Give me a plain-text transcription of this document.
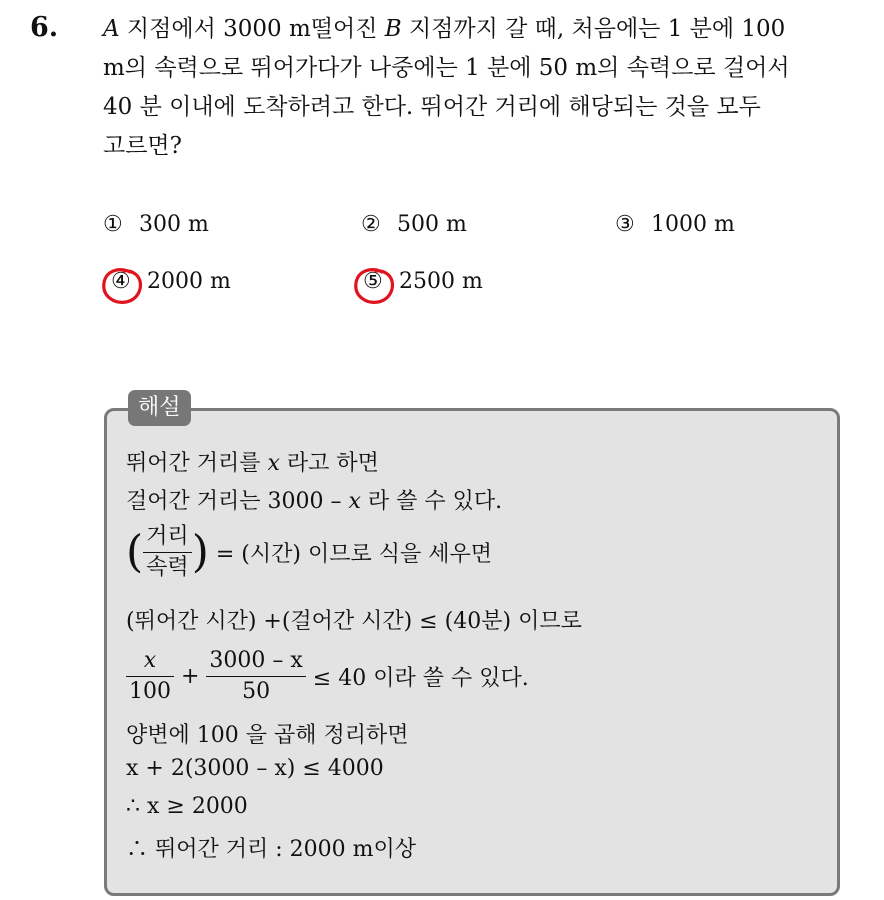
6. A 지점에서 3000 m떨어진 B 지점까지 갈 때, 처음에는 1 분에 100
m의 속력으로 뛰어가다가 나중에는 1 분에 50 m의 속력으로 걸어서
40 분 이내에 도착하려고 한다. 뛰어간 거리에 해당되는 것을 모두
고르면?
① 300 m	② 500 m	③ 1000 m
④ 2000 m	⑤ 2500 m
해설
뛰어간 거리를 x 라고 하면
걸어간 거리는 3000 – x 라 쓸 수 있다.
( $\frac{\text{거리}}{\text{속력}}$ ) = (시간) 이므로 식을 세우면
(뛰어간 시간) +(걸어간 시간) ≤ (40분) 이므로
$\frac{x}{100} + \frac{3000 - x}{50} \le 40$ 이라 쓸 수 있다.
양변에 100 을 곱해 정리하면
x + 2(3000 – x) ≤ 4000
∴ x ≥ 2000
∴ 뛰어간 거리 : 2000 m이상
